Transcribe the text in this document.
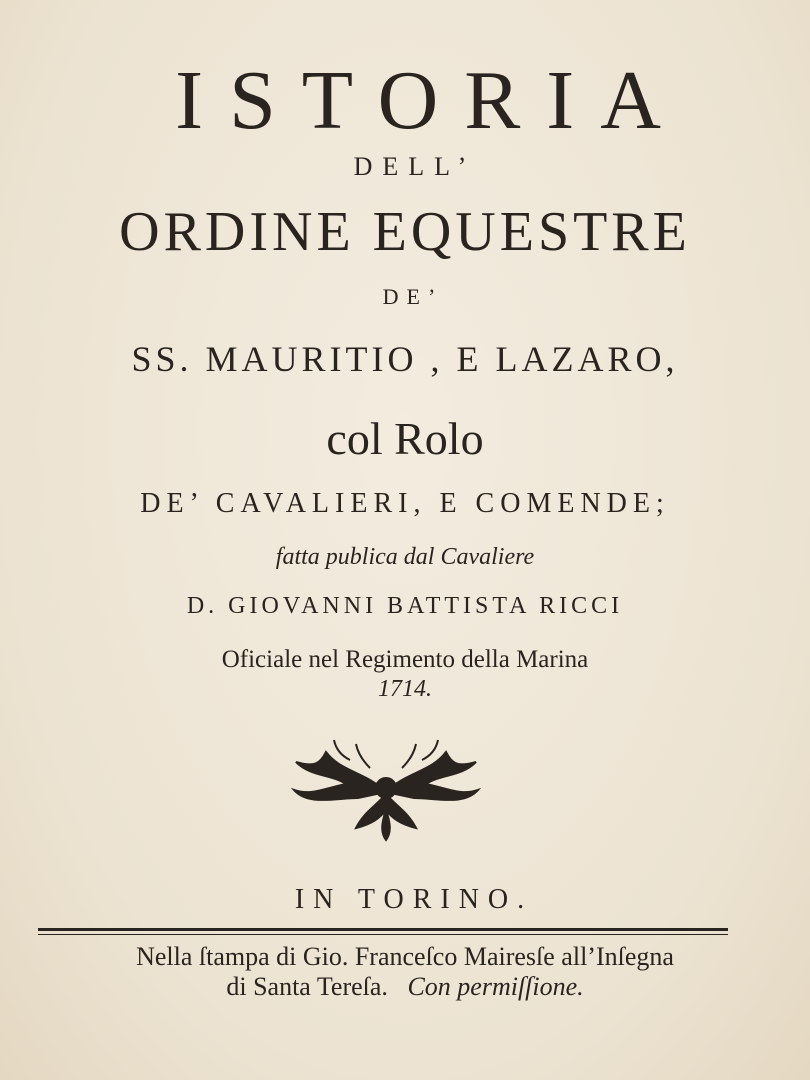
ISTORIA
DELL’
ORDINE EQUESTRE
DE’
SS. MAURITIO , E LAZARO,
col Rolo
DE’ CAVALIERI, E COMENDE;
fatta publica dal Cavaliere
D. GIOVANNI BATTISTA RICCI
Oficiale nel Regimento della Marina
1714.
IN TORINO.
Nella ſtampa di Gio. Franceſco Mairesſe all’Inſegna
di Santa Tereſa. Con permiſſione.
